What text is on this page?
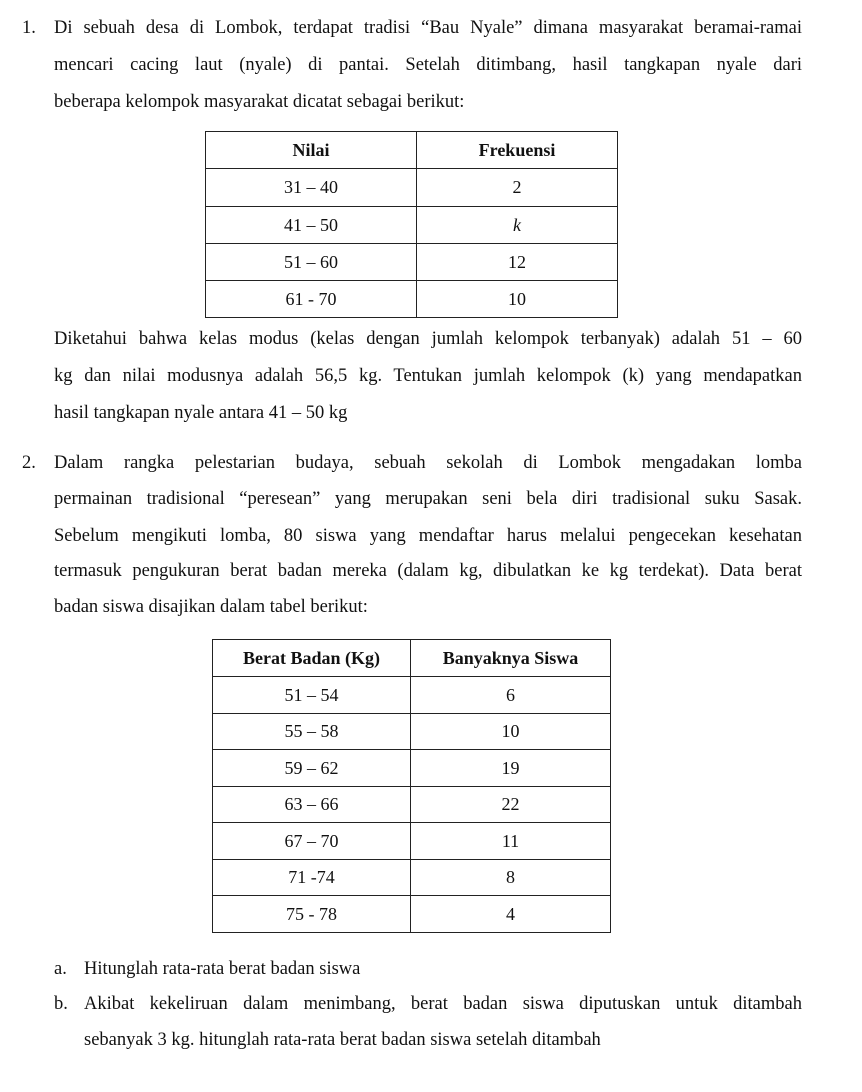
1. Di sebuah desa di Lombok, terdapat tradisi “Bau Nyale” dimana masyarakat beramai-ramai
mencari cacing laut (nyale) di pantai. Setelah ditimbang, hasil tangkapan nyale dari
beberapa kelompok masyarakat dicatat sebagai berikut:
Nilai	Frekuensi
31 – 40	2
41 – 50	k
51 – 60	12
61 - 70	10
Diketahui bahwa kelas modus (kelas dengan jumlah kelompok terbanyak) adalah 51 – 60
kg dan nilai modusnya adalah 56,5 kg. Tentukan jumlah kelompok (k) yang mendapatkan
hasil tangkapan nyale antara 41 – 50 kg
2. Dalam rangka pelestarian budaya, sebuah sekolah di Lombok mengadakan lomba
permainan tradisional “peresean” yang merupakan seni bela diri tradisional suku Sasak.
Sebelum mengikuti lomba, 80 siswa yang mendaftar harus melalui pengecekan kesehatan
termasuk pengukuran berat badan mereka (dalam kg, dibulatkan ke kg terdekat). Data berat
badan siswa disajikan dalam tabel berikut:
Berat Badan (Kg)	Banyaknya Siswa
51 – 54	6
55 – 58	10
59 – 62	19
63 – 66	22
67 – 70	11
71 -74	8
75 - 78	4
a. Hitunglah rata-rata berat badan siswa
b. Akibat kekeliruan dalam menimbang, berat badan siswa diputuskan untuk ditambah
sebanyak 3 kg. hitunglah rata-rata berat badan siswa setelah ditambah
